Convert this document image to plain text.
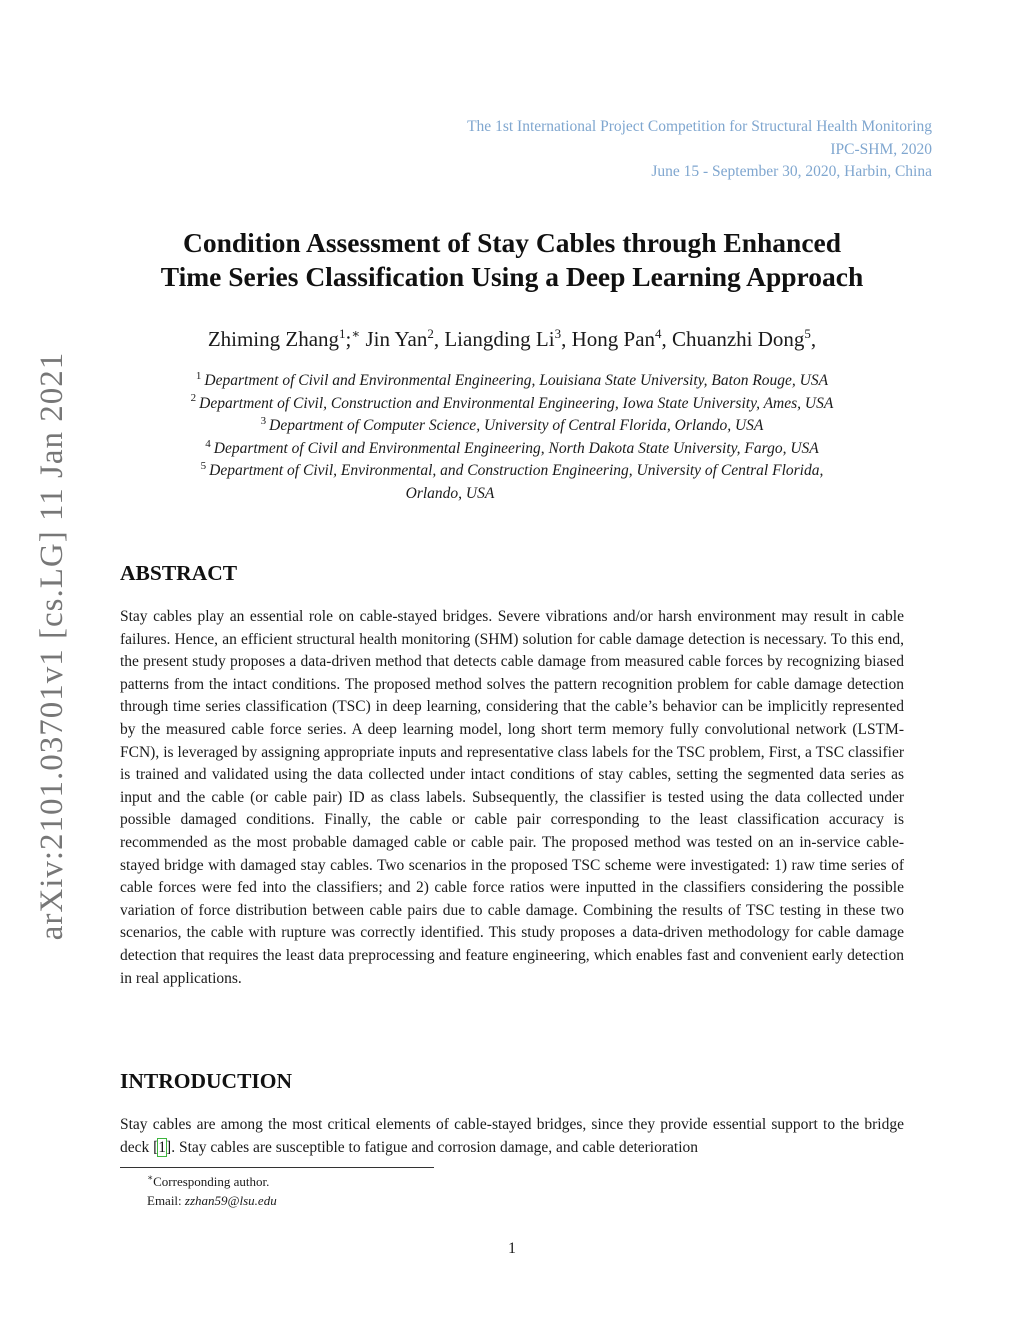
The 1st International Project Competition for Structural Health Monitoring
IPC-SHM, 2020
June 15 - September 30, 2020, Harbin, China
arXiv:2101.03701v1 [cs.LG] 11 Jan 2021
Condition Assessment of Stay Cables through Enhanced
Time Series Classification Using a Deep Learning Approach
Zhiming Zhang$^1$;∗ Jin Yan$^2$, Liangding Li$^3$, Hong Pan$^4$, Chuanzhi Dong$^5$,
$^1$ Department of Civil and Environmental Engineering, Louisiana State University, Baton Rouge, USA
$^2$ Department of Civil, Construction and Environmental Engineering, Iowa State University, Ames, USA
$^3$ Department of Computer Science, University of Central Florida, Orlando, USA
$^4$ Department of Civil and Environmental Engineering, North Dakota State University, Fargo, USA
$^5$ Department of Civil, Environmental, and Construction Engineering, University of Central Florida,
Orlando, USA
ABSTRACT
Stay cables play an essential role on cable-stayed bridges. Severe vibrations and/or harsh environment may result in cable failures. Hence, an efficient structural health monitoring (SHM) solution for cable damage detection is necessary. To this end, the present study proposes a data-driven method that detects cable damage from measured cable forces by recognizing biased patterns from the intact conditions. The proposed method solves the pattern recognition problem for cable damage detection through time series classification (TSC) in deep learning, considering that the cable’s behavior can be implicitly represented by the measured cable force series. A deep learning model, long short term memory fully convolutional network (LSTM-FCN), is leveraged by assigning appropriate inputs and representative class labels for the TSC problem, First, a TSC classifier is trained and validated using the data collected under intact conditions of stay cables, setting the segmented data series as input and the cable (or cable pair) ID as class labels. Subsequently, the classifier is tested using the data collected under possible damaged conditions. Finally, the cable or cable pair corresponding to the least classification accuracy is recommended as the most probable damaged cable or cable pair. The proposed method was tested on an in-service cable-stayed bridge with damaged stay cables. Two scenarios in the proposed TSC scheme were investigated: 1) raw time series of cable forces were fed into the classifiers; and 2) cable force ratios were inputted in the classifiers considering the possible variation of force distribution between cable pairs due to cable damage. Combining the results of TSC testing in these two scenarios, the cable with rupture was correctly identified. This study proposes a data-driven methodology for cable damage detection that requires the least data preprocessing and feature engineering, which enables fast and convenient early detection in real applications.
INTRODUCTION
Stay cables are among the most critical elements of cable-stayed bridges, since they provide essential support to the bridge deck [1]. Stay cables are susceptible to fatigue and corrosion damage, and cable deterioration
∗Corresponding author.
Email: zzhan59@lsu.edu
1
